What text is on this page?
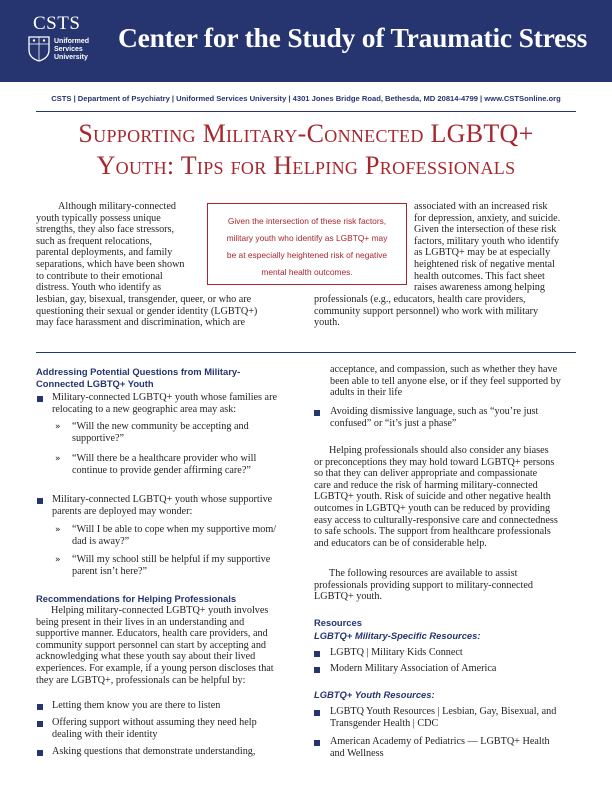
CSTS
Uniformed
Services
University
Center for the Study of Traumatic Stress
CSTS | Department of Psychiatry | Uniformed Services University | 4301 Jones Bridge Road, Bethesda, MD 20814-4799 | www.CSTSonline.org
Supporting Military-Connected LGBTQ+
Youth: Tips for Helping Professionals
Although military-connected
youth typically possess unique
strengths, they also face stressors,
such as frequent relocations,
parental deployments, and family
separations, which have been shown
to contribute to their emotional
distress. Youth who identify as
lesbian, gay, bisexual, transgender, queer, or who are
questioning their sexual or gender identity (LGBTQ+)
may face harassment and discrimination, which are
associated with an increased risk
for depression, anxiety, and suicide.
Given the intersection of these risk
factors, military youth who identify
as LGBTQ+ may be at especially
heightened risk of negative mental
health outcomes. This fact sheet
raises awareness among helping
professionals (e.g., educators, health care providers,
community support personnel) who work with military
youth.
Given the intersection of these risk factors,
military youth who identify as LGBTQ+ may
be at especially heightened risk of negative
mental health outcomes.
Addressing Potential Questions from Military-
Connected LGBTQ+ Youth
Military-connected LGBTQ+ youth whose families are
relocating to a new geographic area may ask:
» “Will the new community be accepting and
supportive?”
» “Will there be a healthcare provider who will
continue to provide gender affirming care?”
Military-connected LGBTQ+ youth whose supportive
parents are deployed may wonder:
» “Will I be able to cope when my supportive mom/
dad is away?”
» “Will my school still be helpful if my supportive
parent isn’t here?”
Recommendations for Helping Professionals
Helping military-connected LGBTQ+ youth involves
being present in their lives in an understanding and
supportive manner. Educators, health care providers, and
community support personnel can start by accepting and
acknowledging what these youth say about their lived
experiences. For example, if a young person discloses that
they are LGBTQ+, professionals can be helpful by:
Letting them know you are there to listen
Offering support without assuming they need help
dealing with their identity
Asking questions that demonstrate understanding,
acceptance, and compassion, such as whether they have
been able to tell anyone else, or if they feel supported by
adults in their life
Avoiding dismissive language, such as “you’re just
confused” or “it’s just a phase”
Helping professionals should also consider any biases
or preconceptions they may hold toward LGBTQ+ persons
so that they can deliver appropriate and compassionate
care and reduce the risk of harming military-connected
LGBTQ+ youth. Risk of suicide and other negative health
outcomes in LGBTQ+ youth can be reduced by providing
easy access to culturally-responsive care and connectedness
to safe schools. The support from healthcare professionals
and educators can be of considerable help.
The following resources are available to assist
professionals providing support to military-connected
LGBTQ+ youth.
Resources
LGBTQ+ Military-Specific Resources:
LGBTQ | Military Kids Connect
Modern Military Association of America
LGBTQ+ Youth Resources:
LGBTQ Youth Resources | Lesbian, Gay, Bisexual, and
Transgender Health | CDC
American Academy of Pediatrics — LGBTQ+ Health
and Wellness
